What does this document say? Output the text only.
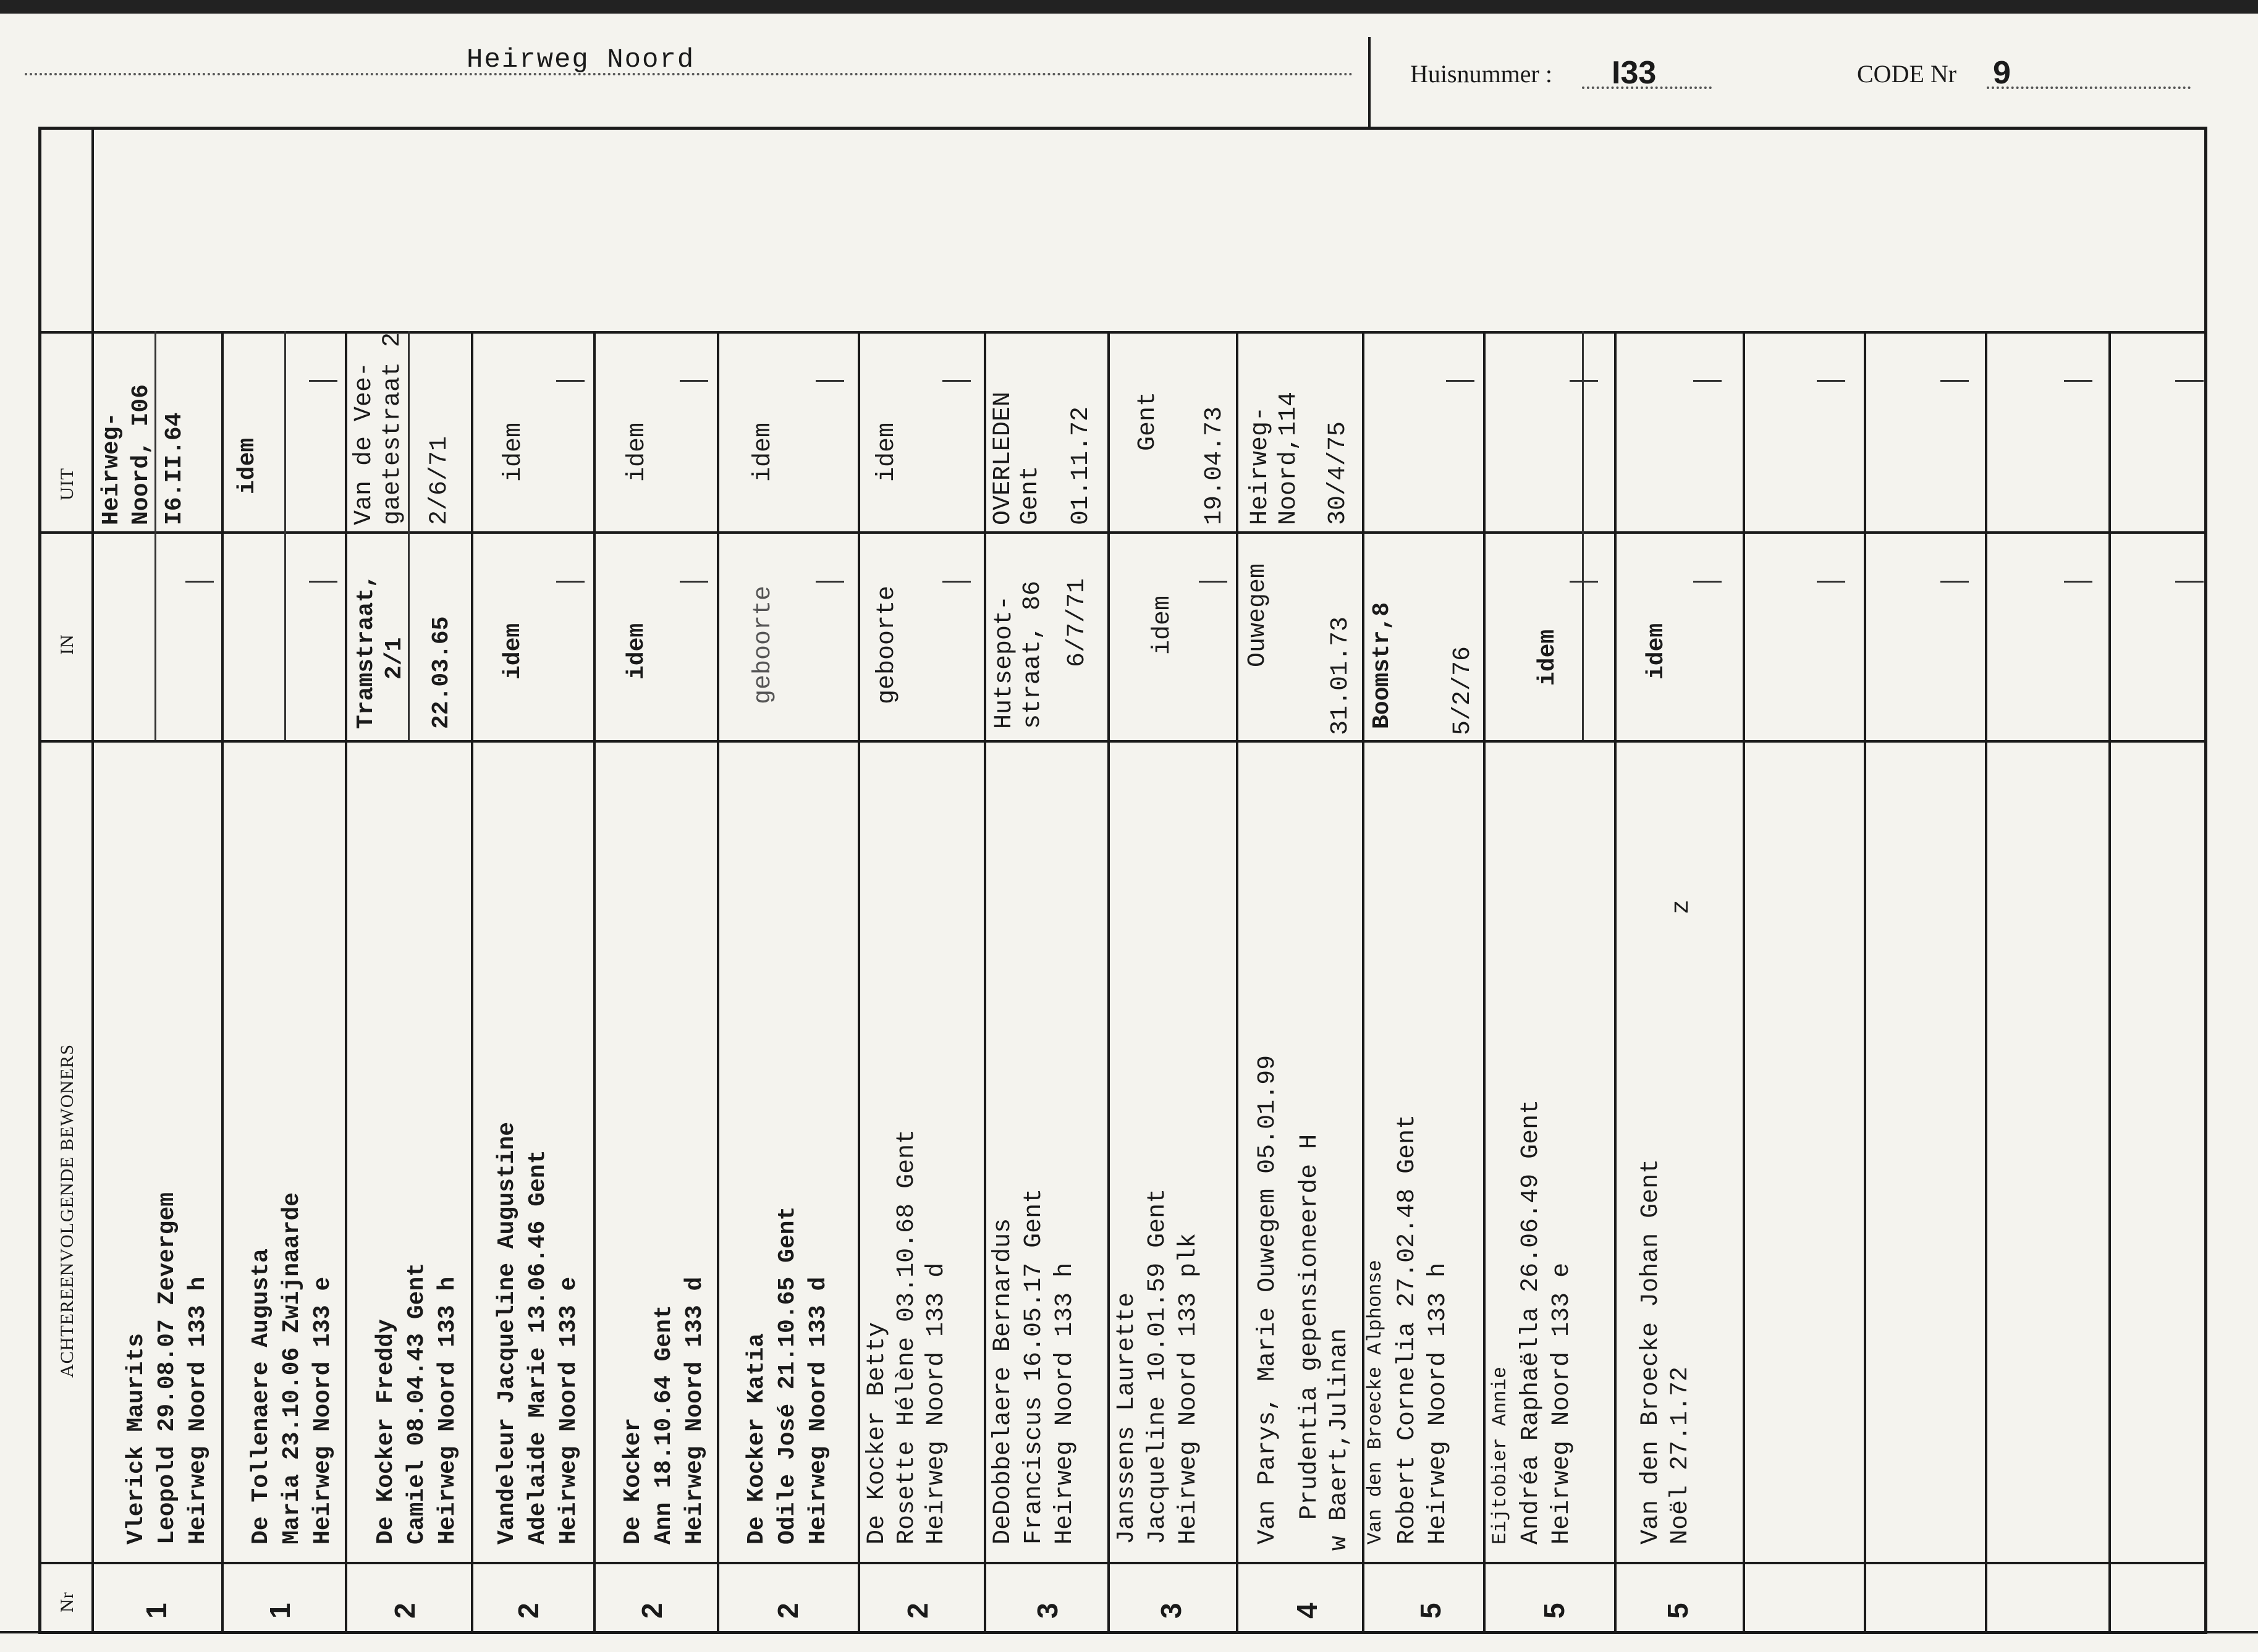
Heirweg Noord	Huisnummer : I33	CODE Nr 9
UIT
IN
ACHTEREENVOLGENDE BEWONERS
Nr 1
Vlerick Maurits Leopold 29.08.07 Zevergem Heirweg Noord 133 h
Heirweg- Noord, I06 I6.II.64
1
De Tollenaere Augusta Maria 23.10.06 Zwijnaarde Heirweg Noord 133 e
idem
2
De Kocker Freddy Camiel 08.04.43 Gent Heirweg Noord 133 h
Tramstraat, 2/1 22.03.65
Van de Vee- gaetestraat 2 2/6/71
2
Vandeleur Jacqueline Augustine Adelaide Marie 13.06.46 Gent Heirweg Noord 133 e
idem
idem
2
De Kocker Ann 18.10.64 Gent Heirweg Noord 133 d
idem
idem
2
De Kocker Katia Odile José 21.10.65 Gent Heirweg Noord 133 d
geboorte
idem
2
De Kocker Betty Rosette Hélène 03.10.68 Gent Heirweg Noord 133 d
geboorte
idem
3
DeDobbelaere Bernardus Franciscus 16.05.17 Gent Heirweg Noord 133 h
Hutsepot- straat, 86 6/7/71
OVERLEDEN Gent 01.11.72
3
Janssens Laurette Jacqueline 10.01.59 Gent Heirweg Noord 133 plk
idem
Gent 19.04.73
4
Van Parys, Marie Ouwegem 05.01.99 Prudentia gepensioneerde H w Baert,Julinan
Ouwegem
31.01.73
Heirweg- Noord,114 30/4/75
5
Van den Broecke Alphonse Robert Cornelia 27.02.48 Gent Heirweg Noord 133 h
Boomstr,8 5/2/76
5
Eijtobier Annie Andréa Raphaëlla 26.06.49 Gent Heirweg Noord 133 e
idem
5
Van den Broecke Johan Gent Noël 27.1.72
z
idem
